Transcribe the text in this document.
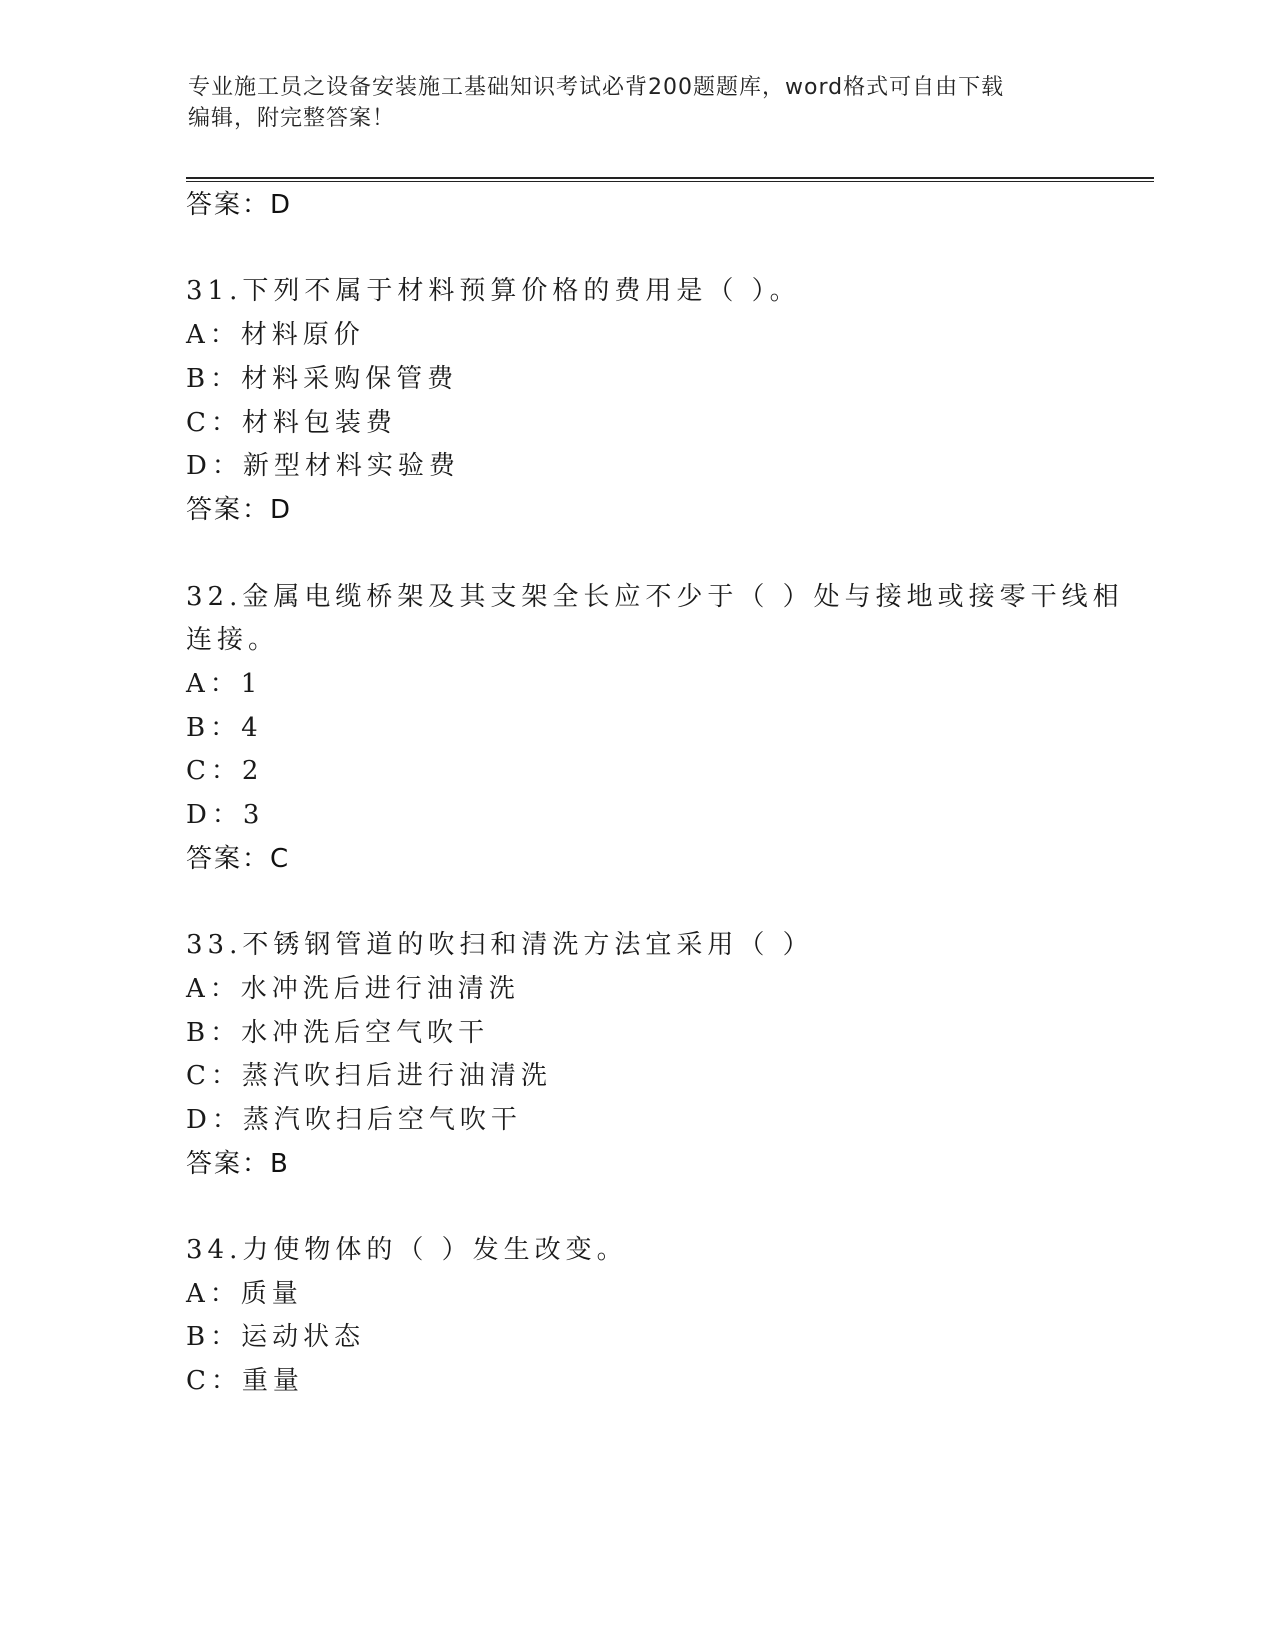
专业施工员之设备安装施工基础知识考试必背200题题库，word格式可自由下载
编辑，附完整答案！
答案：D
31.下列不属于材料预算价格的费用是（ ）。
A：材料原价
B：材料采购保管费
C：材料包装费
D：新型材料实验费
答案：D
32.金属电缆桥架及其支架全长应不少于（ ）处与接地或接零干线相
连接。
A：1
B：4
C：2
D：3
答案：C
33.不锈钢管道的吹扫和清洗方法宜采用（ ）
A：水冲洗后进行油清洗
B：水冲洗后空气吹干
C：蒸汽吹扫后进行油清洗
D：蒸汽吹扫后空气吹干
答案：B
34.力使物体的（ ）发生改变。
A：质量
B：运动状态
C：重量
